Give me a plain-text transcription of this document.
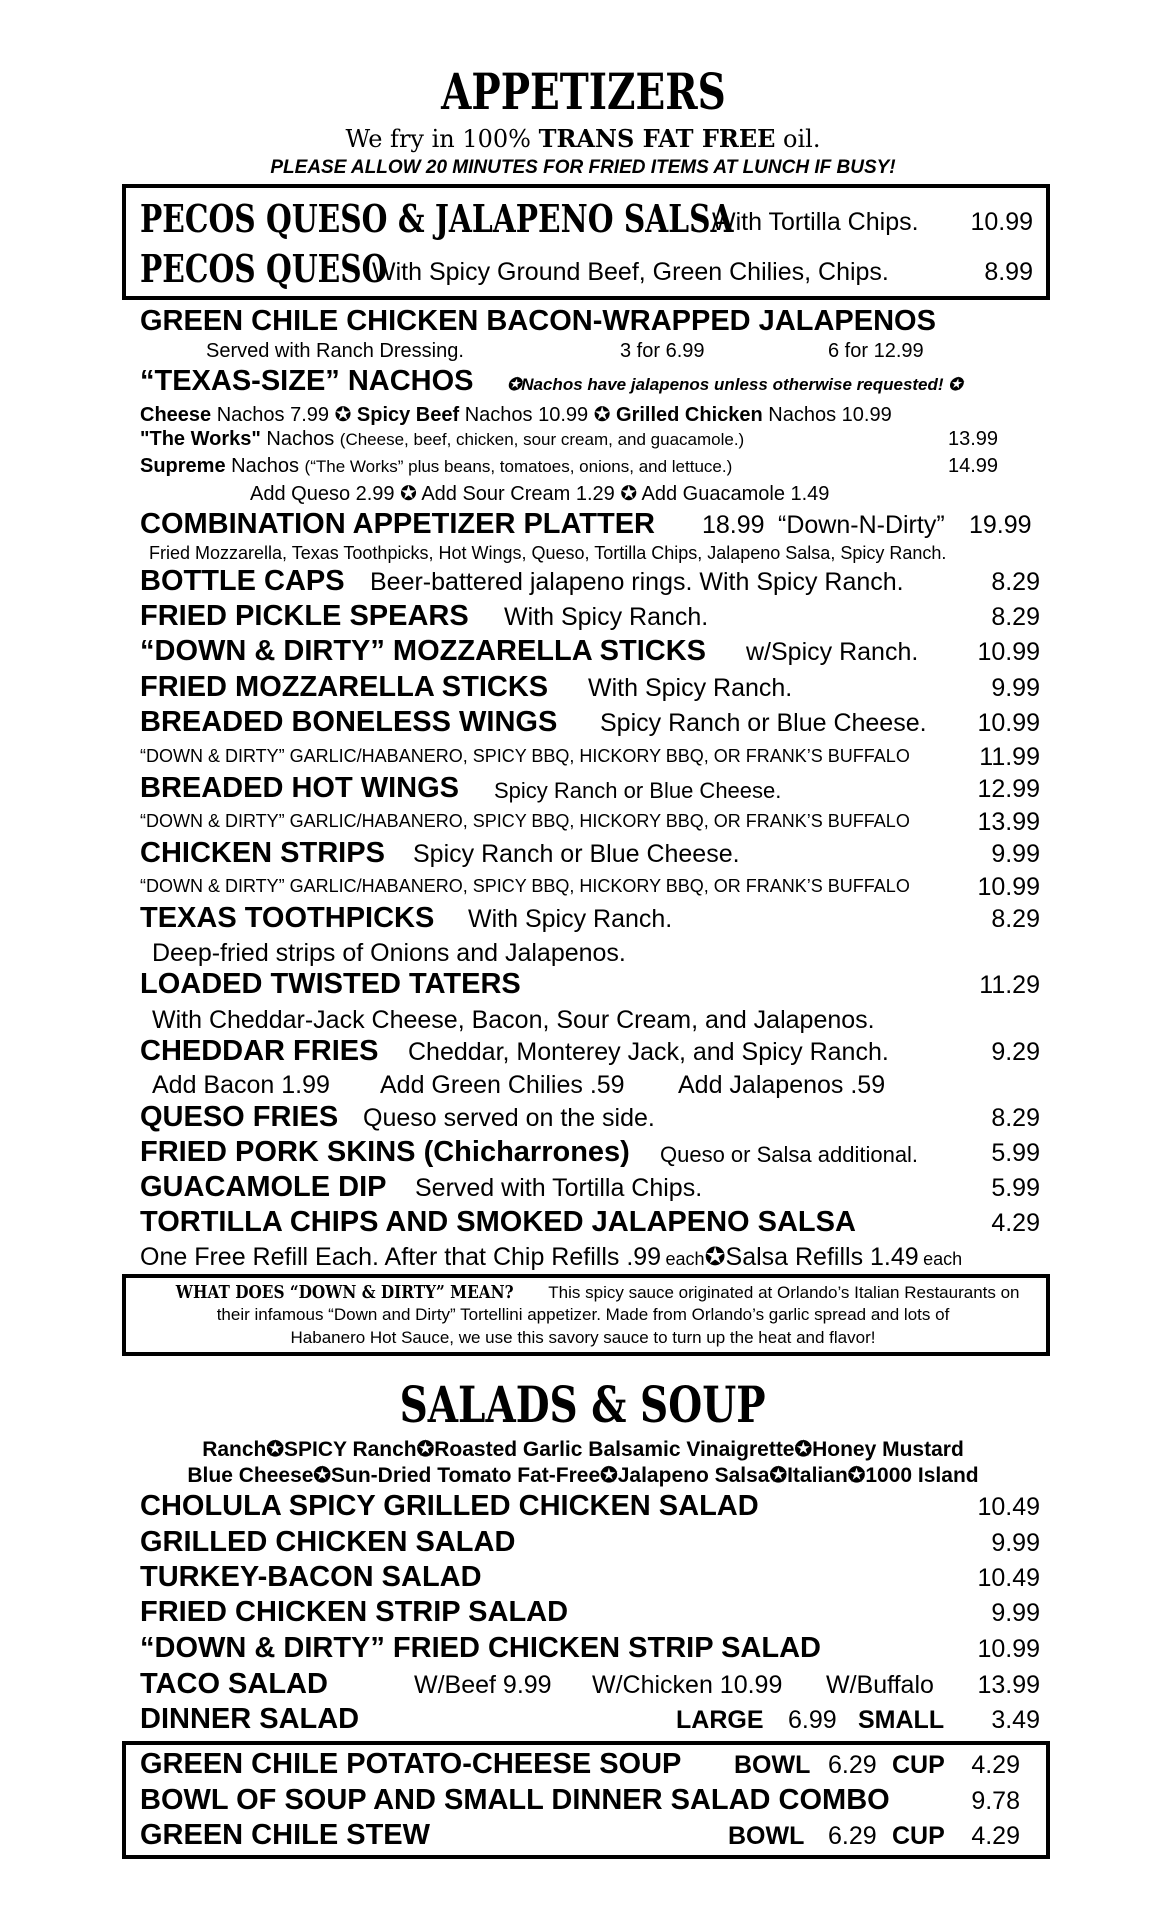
APPETIZERS
We fry in 100% TRANS FAT FREE oil.
PLEASE ALLOW 20 MINUTES FOR FRIED ITEMS AT LUNCH IF BUSY!
PECOS QUESO & JALAPENO SALSA
With Tortilla Chips. 10.99
PECOS QUESO
With Spicy Ground Beef, Green Chilies, Chips.	8.99
GREEN CHILE CHICKEN BACON-WRAPPED JALAPENOS
Served with Ranch Dressing.	3 for 6.99	6 for 12.99
“TEXAS-SIZE” NACHOS ✪Nachos have jalapenos unless otherwise requested! ✪
Cheese Nachos 7.99 ✪ Spicy Beef Nachos 10.99 ✪ Grilled Chicken Nachos 10.99
"The Works" Nachos (Cheese, beef, chicken, sour cream, and guacamole.)	13.99
Supreme Nachos (“The Works” plus beans, tomatoes, onions, and lettuce.)	14.99
Add Queso 2.99 ✪ Add Sour Cream 1.29 ✪ Add Guacamole 1.49
COMBINATION APPETIZER PLATTER 18.99 “Down-N-Dirty” 19.99
Fried Mozzarella, Texas Toothpicks, Hot Wings, Queso, Tortilla Chips, Jalapeno Salsa, Spicy Ranch.
BOTTLE CAPS Beer-battered jalapeno rings. With Spicy Ranch.	8.29
FRIED PICKLE SPEARS With Spicy Ranch.	8.29
“DOWN & DIRTY” MOZZARELLA STICKS w/Spicy Ranch. 10.99
FRIED MOZZARELLA STICKS With Spicy Ranch.	9.99
BREADED BONELESS WINGS Spicy Ranch or Blue Cheese. 10.99
“DOWN & DIRTY” GARLIC/HABANERO, SPICY BBQ, HICKORY BBQ, OR FRANK’S BUFFALO	11.99
BREADED HOT WINGS Spicy Ranch or Blue Cheese.	12.99
“DOWN & DIRTY” GARLIC/HABANERO, SPICY BBQ, HICKORY BBQ, OR FRANK’S BUFFALO	13.99
CHICKEN STRIPS Spicy Ranch or Blue Cheese.	9.99
“DOWN & DIRTY” GARLIC/HABANERO, SPICY BBQ, HICKORY BBQ, OR FRANK’S BUFFALO	10.99
TEXAS TOOTHPICKS With Spicy Ranch.	8.29
Deep-fried strips of Onions and Jalapenos.
LOADED TWISTED TATERS	11.29
With Cheddar-Jack Cheese, Bacon, Sour Cream, and Jalapenos.
CHEDDAR FRIES Cheddar, Monterey Jack, and Spicy Ranch.	9.29
Add Bacon 1.99 Add Green Chilies .59 Add Jalapenos .59
QUESO FRIES Queso served on the side.	8.29
FRIED PORK SKINS (Chicharrones) Queso or Salsa additional.	5.99
GUACAMOLE DIP Served with Tortilla Chips.	5.99
TORTILLA CHIPS AND SMOKED JALAPENO SALSA	4.29
One Free Refill Each. After that Chip Refills .99 each✪Salsa Refills 1.49 each
WHAT DOES “DOWN & DIRTY” MEAN? This spicy sauce originated at Orlando’s Italian Restaurants on
their infamous “Down and Dirty” Tortellini appetizer. Made from Orlando’s garlic spread and lots of
Habanero Hot Sauce, we use this savory sauce to turn up the heat and flavor!
SALADS & SOUP
Ranch✪SPICY Ranch✪Roasted Garlic Balsamic Vinaigrette✪Honey Mustard
Blue Cheese✪Sun-Dried Tomato Fat-Free✪Jalapeno Salsa✪Italian✪1000 Island
CHOLULA SPICY GRILLED CHICKEN SALAD	10.49
GRILLED CHICKEN SALAD	9.99
TURKEY-BACON SALAD	10.49
FRIED CHICKEN STRIP SALAD	9.99
“DOWN & DIRTY” FRIED CHICKEN STRIP SALAD	10.99
TACO SALAD	W/Beef 9.99 W/Chicken 10.99 W/Buffalo 13.99
DINNER SALAD	LARGE 6.99 SMALL 3.49
GREEN CHILE POTATO-CHEESE SOUP BOWL 6.29 CUP 4.29
BOWL OF SOUP AND SMALL DINNER SALAD COMBO	9.78
GREEN CHILE STEW	BOWL 6.29 CUP 4.29
